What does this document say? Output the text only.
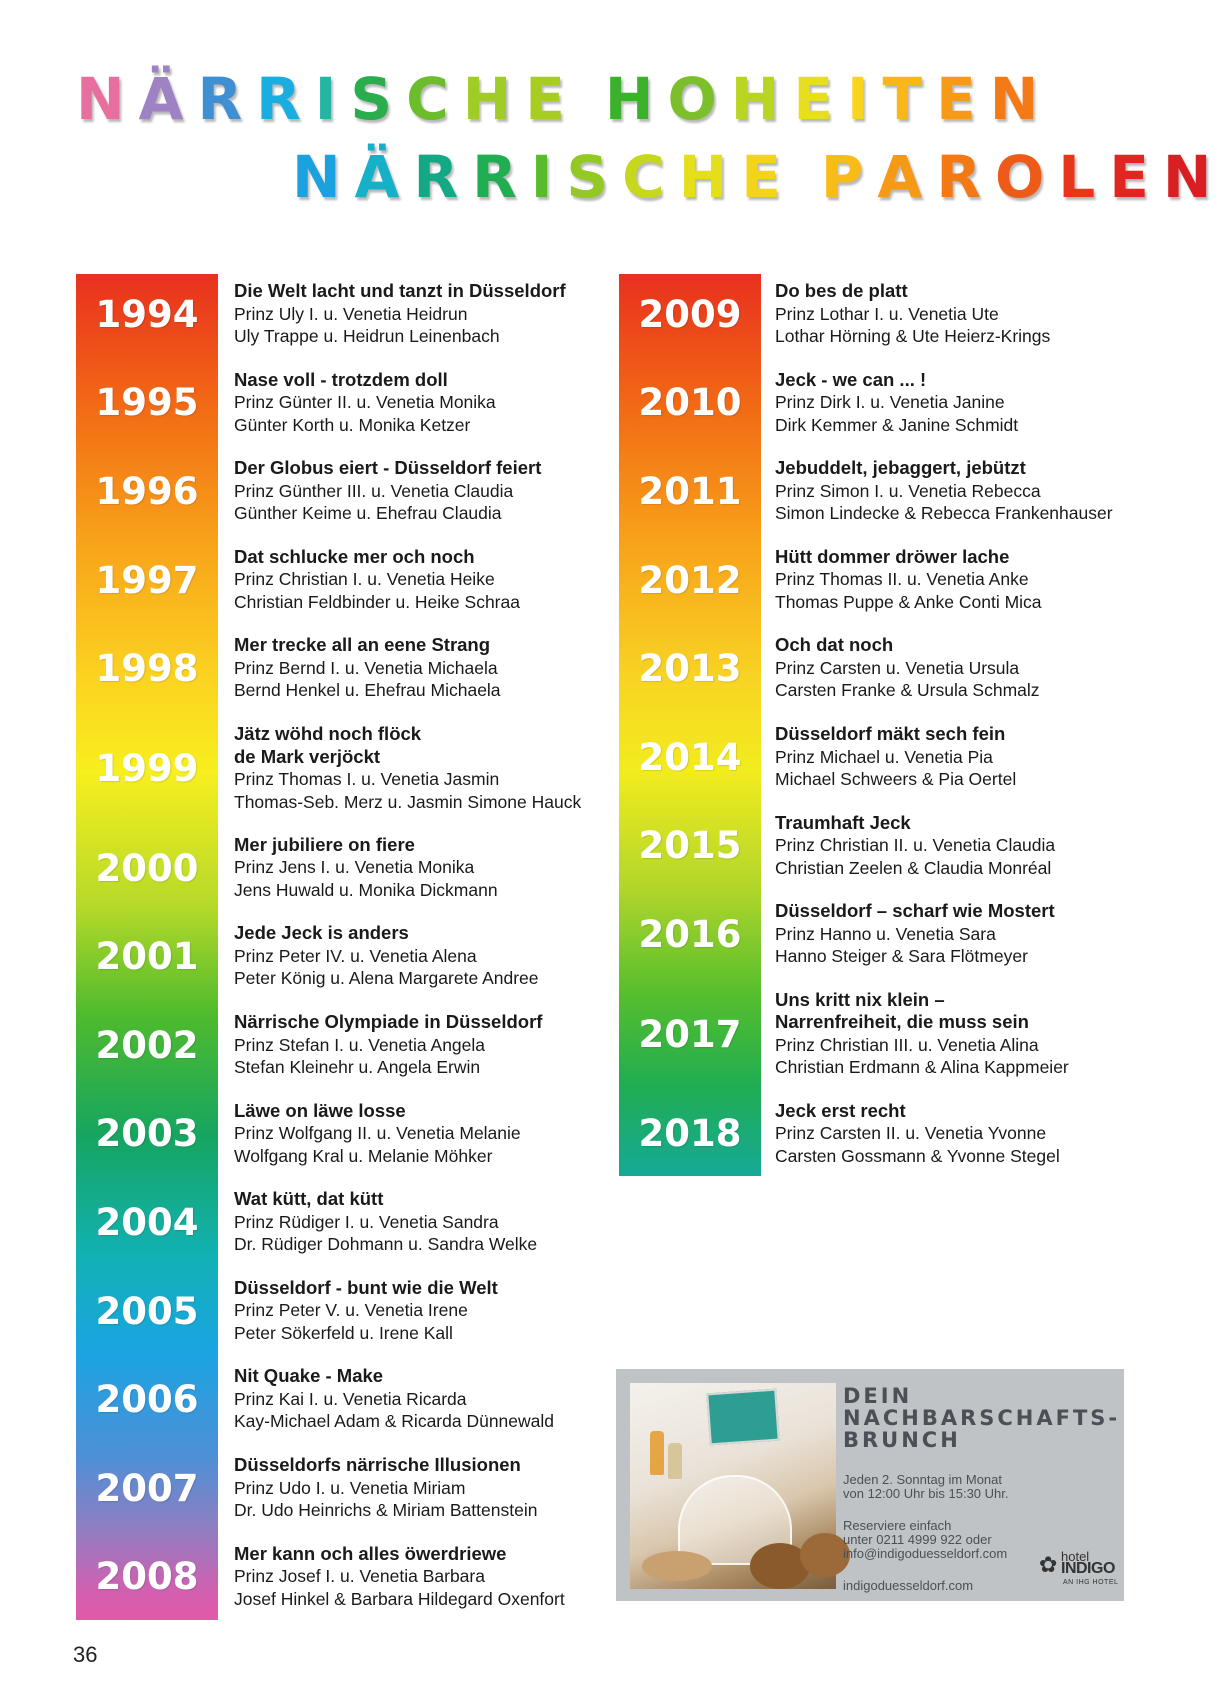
NÄRRISCHE HOHEITEN
NÄRRISCHE PAROLEN
1994
Die Welt lacht und tanzt in Düsseldorf
Prinz Uly I. u. Venetia Heidrun
Uly Trappe u. Heidrun Leinenbach
1995
Nase voll - trotzdem doll
Prinz Günter II. u. Venetia Monika
Günter Korth u. Monika Ketzer
1996
Der Globus eiert - Düsseldorf feiert
Prinz Günther III. u. Venetia Claudia
Günther Keime u. Ehefrau Claudia
1997
Dat schlucke mer och noch
Prinz Christian I. u. Venetia Heike
Christian Feldbinder u. Heike Schraa
1998
Mer trecke all an eene Strang
Prinz Bernd I. u. Venetia Michaela
Bernd Henkel u. Ehefrau Michaela
1999
Jätz wöhd noch flöck
de Mark verjöckt
Prinz Thomas I. u. Venetia Jasmin
Thomas-Seb. Merz u. Jasmin Simone Hauck
2000
Mer jubiliere on fiere
Prinz Jens I. u. Venetia Monika
Jens Huwald u. Monika Dickmann
2001
Jede Jeck is anders
Prinz Peter IV. u. Venetia Alena
Peter König u. Alena Margarete Andree
2002
Närrische Olympiade in Düsseldorf
Prinz Stefan I. u. Venetia Angela
Stefan Kleinehr u. Angela Erwin
2003
Läwe on läwe losse
Prinz Wolfgang II. u. Venetia Melanie
Wolfgang Kral u. Melanie Möhker
2004
Wat kütt, dat kütt
Prinz Rüdiger I. u. Venetia Sandra
Dr. Rüdiger Dohmann u. Sandra Welke
2005
Düsseldorf - bunt wie die Welt
Prinz Peter V. u. Venetia Irene
Peter Sökerfeld u. Irene Kall
2006
Nit Quake - Make
Prinz Kai I. u. Venetia Ricarda
Kay-Michael Adam & Ricarda Dünnewald
2007
Düsseldorfs närrische Illusionen
Prinz Udo I. u. Venetia Miriam
Dr. Udo Heinrichs & Miriam Battenstein
2008
Mer kann och alles öwerdriewe
Prinz Josef I. u. Venetia Barbara
Josef Hinkel & Barbara Hildegard Oxenfort
2009
Do bes de platt
Prinz Lothar I. u. Venetia Ute
Lothar Hörning & Ute Heierz-Krings
2010
Jeck - we can ... !
Prinz Dirk I. u. Venetia Janine
Dirk Kemmer & Janine Schmidt
2011
Jebuddelt, jebaggert, jebützt
Prinz Simon I. u. Venetia Rebecca
Simon Lindecke & Rebecca Frankenhauser
2012
Hütt dommer dröwer lache
Prinz Thomas II. u. Venetia Anke
Thomas Puppe & Anke Conti Mica
2013
Och dat noch
Prinz Carsten u. Venetia Ursula
Carsten Franke & Ursula Schmalz
2014
Düsseldorf mäkt sech fein
Prinz Michael u. Venetia Pia
Michael Schweers & Pia Oertel
2015
Traumhaft Jeck
Prinz Christian II. u. Venetia Claudia
Christian Zeelen & Claudia Monréal
2016
Düsseldorf – scharf wie Mostert
Prinz Hanno u. Venetia Sara
Hanno Steiger & Sara Flötmeyer
2017
Uns kritt nix klein –
Narrenfreiheit, die muss sein
Prinz Christian III. u. Venetia Alina
Christian Erdmann & Alina Kappmeier
2018
Jeck erst recht
Prinz Carsten II. u. Venetia Yvonne
Carsten Gossmann & Yvonne Stegel
DEIN
NACHBARSCHAFTS-
BRUNCH
Jeden 2. Sonntag im Monat
von 12:00 Uhr bis 15:30 Uhr.
Reserviere einfach
unter 0211 4999 922 oder
info@indigoduesseldorf.com
indigoduesseldorf.com
✿ hotel
INDIGO
AN IHG HOTEL
36
